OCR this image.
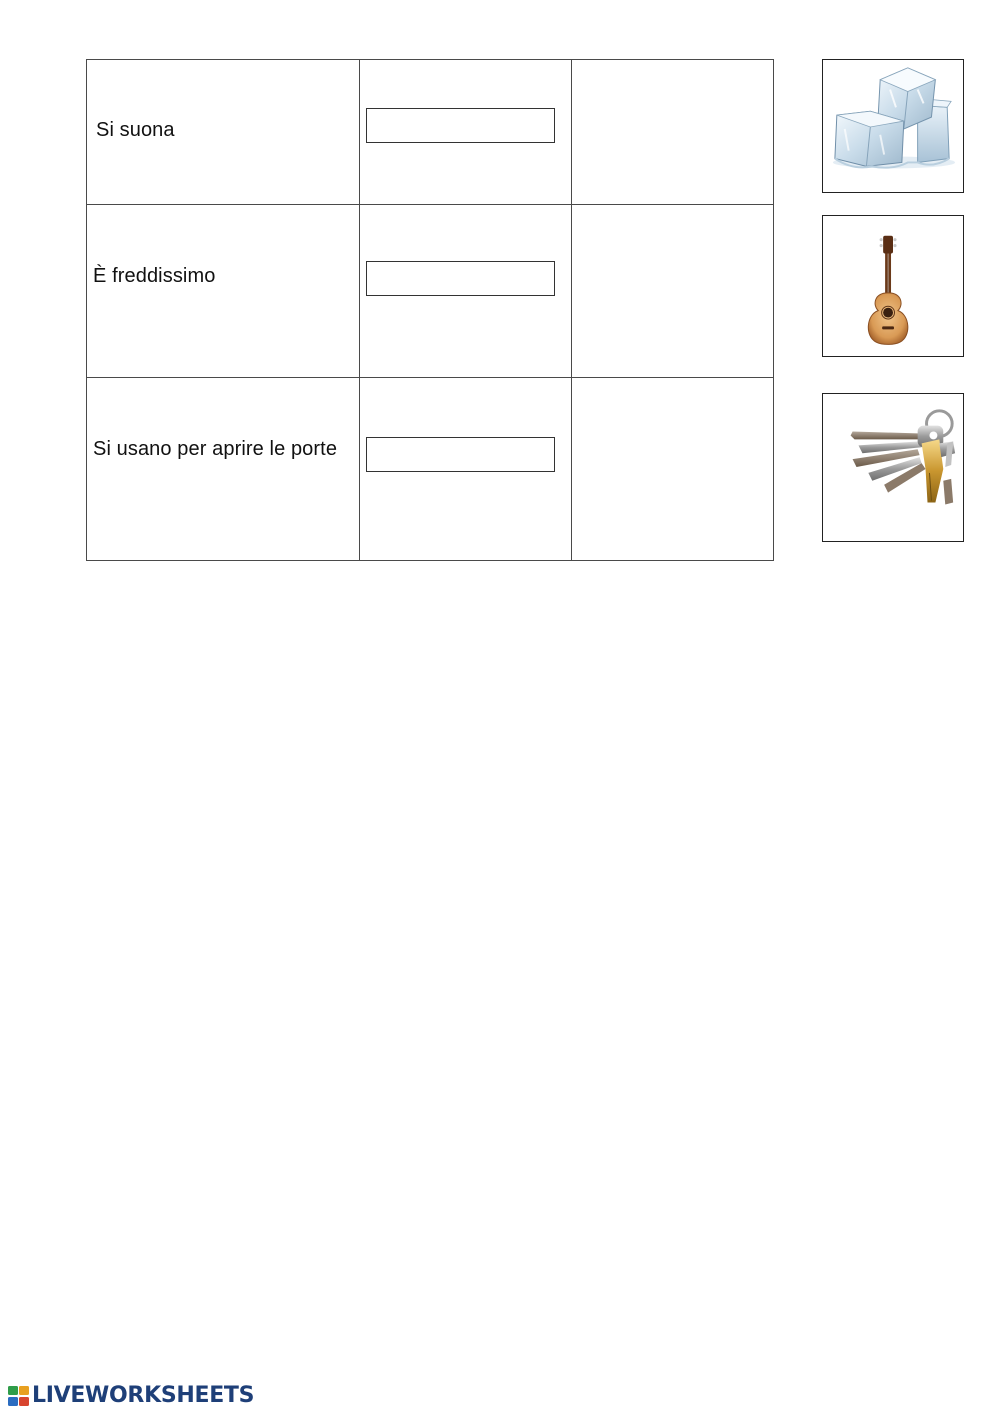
Si suona		

È freddissimo		

Si usano per aprire le porte		

LIVEWORKSHEETS
